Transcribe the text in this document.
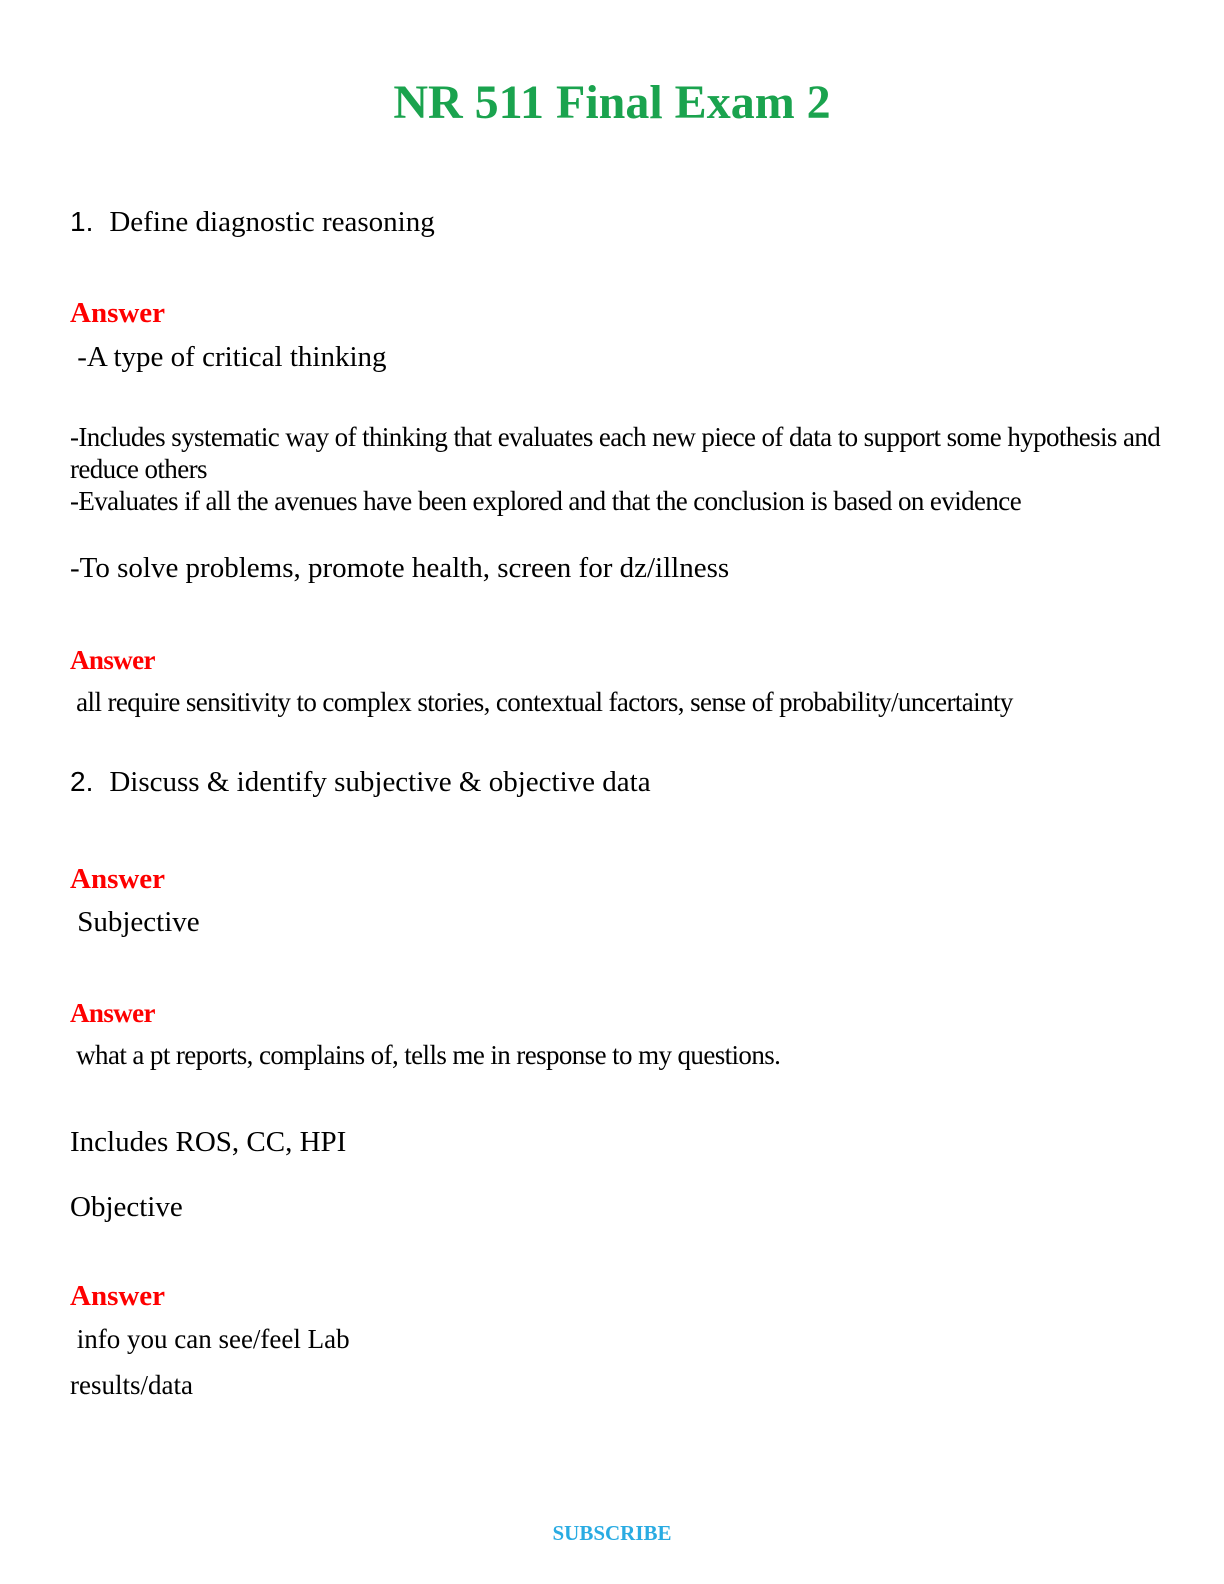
NR 511 Final Exam 2
1. Define diagnostic reasoning
Answer
-A type of critical thinking
-Includes systematic way of thinking that evaluates each new piece of data to support some hypothesis and reduce others
-Evaluates if all the avenues have been explored and that the conclusion is based on evidence
-To solve problems, promote health, screen for dz/illness
Answer
all require sensitivity to complex stories, contextual factors, sense of probability/uncertainty
2. Discuss & identify subjective & objective data
Answer
Subjective
Answer
what a pt reports, complains of, tells me in response to my questions.
Includes ROS, CC, HPI
Objective
Answer
info you can see/feel Lab
results/data
SUBSCRIBE
